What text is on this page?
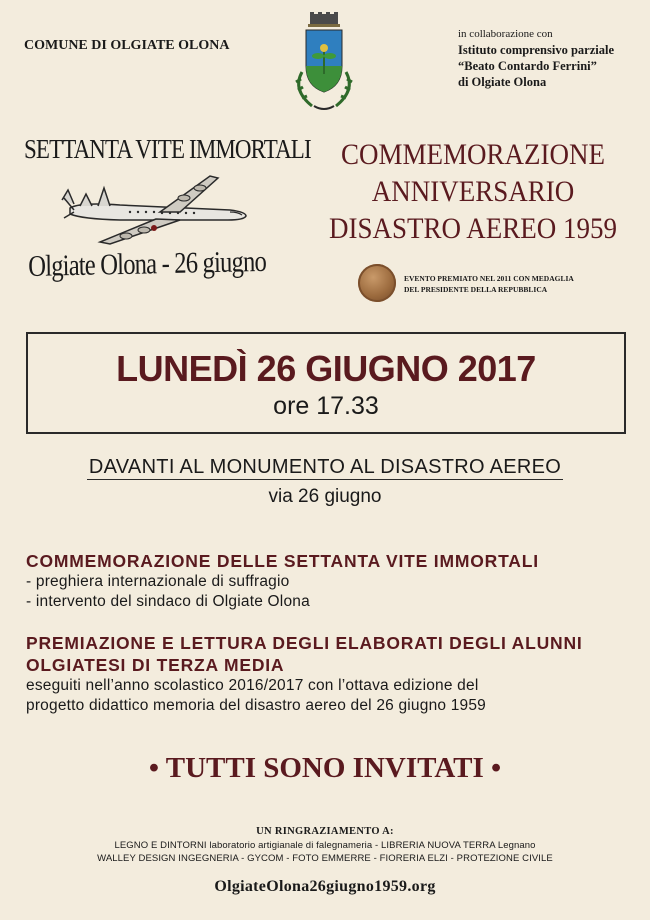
COMUNE DI OLGIATE OLONA
in collaborazione con
Istituto comprensivo parziale
“Beato Contardo Ferrini”
di Olgiate Olona
SETTANTA VITE IMMORTALI
Olgiate Olona - 26 giugno
COMMEMORAZIONE
ANNIVERSARIO
DISASTRO AEREO 1959
EVENTO PREMIATO NEL 2011 CON MEDAGLIA
DEL PRESIDENTE DELLA REPUBBLICA
LUNEDÌ 26 GIUGNO 2017
ore 17.33
DAVANTI AL MONUMENTO AL DISASTRO AEREO
via 26 giugno
COMMEMORAZIONE DELLE SETTANTA VITE IMMORTALI
- preghiera internazionale di suffragio
- intervento del sindaco di Olgiate Olona
PREMIAZIONE E LETTURA DEGLI ELABORATI DEGLI ALUNNI
OLGIATESI DI TERZA MEDIA
eseguiti nell’anno scolastico 2016/2017 con l’ottava edizione del
progetto didattico memoria del disastro aereo del 26 giugno 1959
• TUTTI SONO INVITATI •
UN RINGRAZIAMENTO A:
LEGNO E DINTORNI laboratorio artigianale di falegnameria - LIBRERIA NUOVA TERRA Legnano
WALLEY DESIGN INGEGNERIA - GYCOM - FOTO EMMERRE - FIORERIA ELZI - PROTEZIONE CIVILE
OlgiateOlona26giugno1959.org
